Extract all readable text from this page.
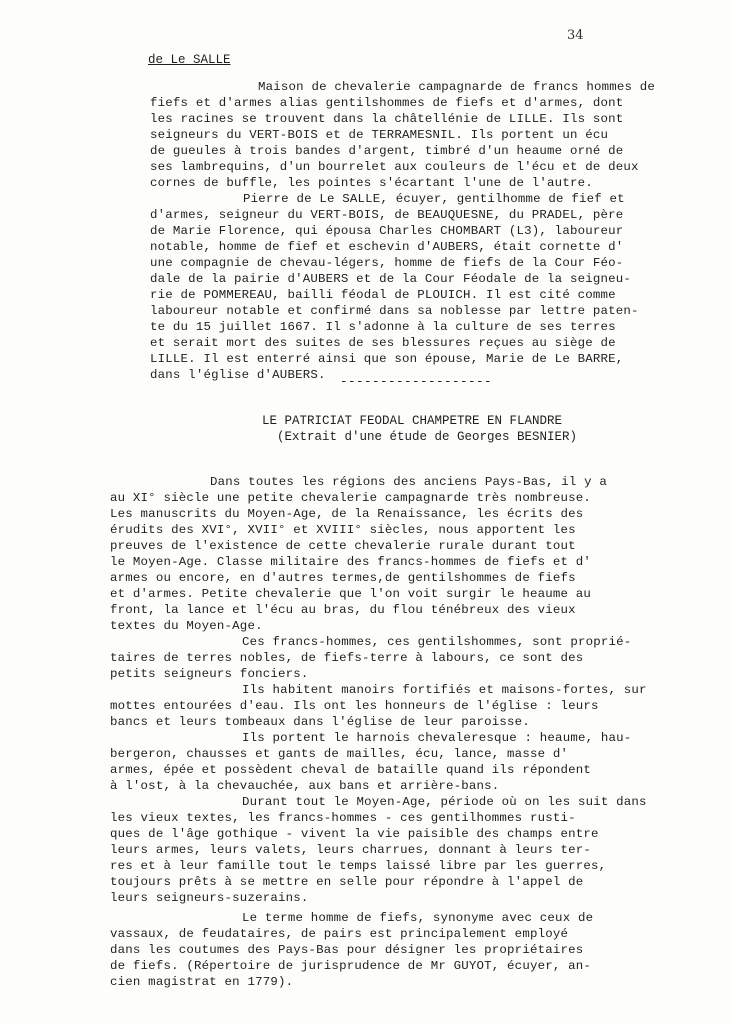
34
de Le SALLE
Maison de chevalerie campagnarde de francs hommes de
fiefs et d'armes alias gentilshommes de fiefs et d'armes, dont
les racines se trouvent dans la châtellénie de LILLE. Ils sont
seigneurs du VERT-BOIS et de TERRAMESNIL. Ils portent un écu
de gueules à trois bandes d'argent, timbré d'un heaume orné de
ses lambrequins, d'un bourrelet aux couleurs de l'écu et de deux
cornes de buffle, les pointes s'écartant l'une de l'autre.
Pierre de Le SALLE, écuyer, gentilhomme de fief et
d'armes, seigneur du VERT-BOIS, de BEAUQUESNE, du PRADEL, père
de Marie Florence, qui épousa Charles CHOMBART (L3), laboureur
notable, homme de fief et eschevin d'AUBERS, était cornette d'
une compagnie de chevau-légers, homme de fiefs de la Cour Féo-
dale de la pairie d'AUBERS et de la Cour Féodale de la seigneu-
rie de POMMEREAU, bailli féodal de PLOUICH. Il est cité comme
laboureur notable et confirmé dans sa noblesse par lettre paten-
te du 15 juillet 1667. Il s'adonne à la culture de ses terres
et serait mort des suites de ses blessures reçues au siège de
LILLE. Il est enterré ainsi que son épouse, Marie de Le BARRE,
dans l'église d'AUBERS. -------------------
LE PATRICIAT FEODAL CHAMPETRE EN FLANDRE
(Extrait d'une étude de Georges BESNIER)
Dans toutes les régions des anciens Pays-Bas, il y a
au XI° siècle une petite chevalerie campagnarde très nombreuse.
Les manuscrits du Moyen-Age, de la Renaissance, les écrits des
érudits des XVI°, XVII° et XVIII° siècles, nous apportent les
preuves de l'existence de cette chevalerie rurale durant tout
le Moyen-Age. Classe militaire des francs-hommes de fiefs et d'
armes ou encore, en d'autres termes,de gentilshommes de fiefs
et d'armes. Petite chevalerie que l'on voit surgir le heaume au
front, la lance et l'écu au bras, du flou ténébreux des vieux
textes du Moyen-Age.
Ces francs-hommes, ces gentilshommes, sont proprié-
taires de terres nobles, de fiefs-terre à labours, ce sont des
petits seigneurs fonciers.
Ils habitent manoirs fortifiés et maisons-fortes, sur
mottes entourées d'eau. Ils ont les honneurs de l'église : leurs
bancs et leurs tombeaux dans l'église de leur paroisse.
Ils portent le harnois chevaleresque : heaume, hau-
bergeron, chausses et gants de mailles, écu, lance, masse d'
armes, épée et possèdent cheval de bataille quand ils répondent
à l'ost, à la chevauchée, aux bans et arrière-bans.
Durant tout le Moyen-Age, période où on les suit dans
les vieux textes, les francs-hommes - ces gentilhommes rusti-
ques de l'âge gothique - vivent la vie paisible des champs entre
leurs armes, leurs valets, leurs charrues, donnant à leurs ter-
res et à leur famille tout le temps laissé libre par les guerres,
toujours prêts à se mettre en selle pour répondre à l'appel de
leurs seigneurs-suzerains.
Le terme homme de fiefs, synonyme avec ceux de
vassaux, de feudataires, de pairs est principalement employé
dans les coutumes des Pays-Bas pour désigner les propriétaires
de fiefs. (Répertoire de jurisprudence de Mr GUYOT, écuyer, an-
cien magistrat en 1779).
